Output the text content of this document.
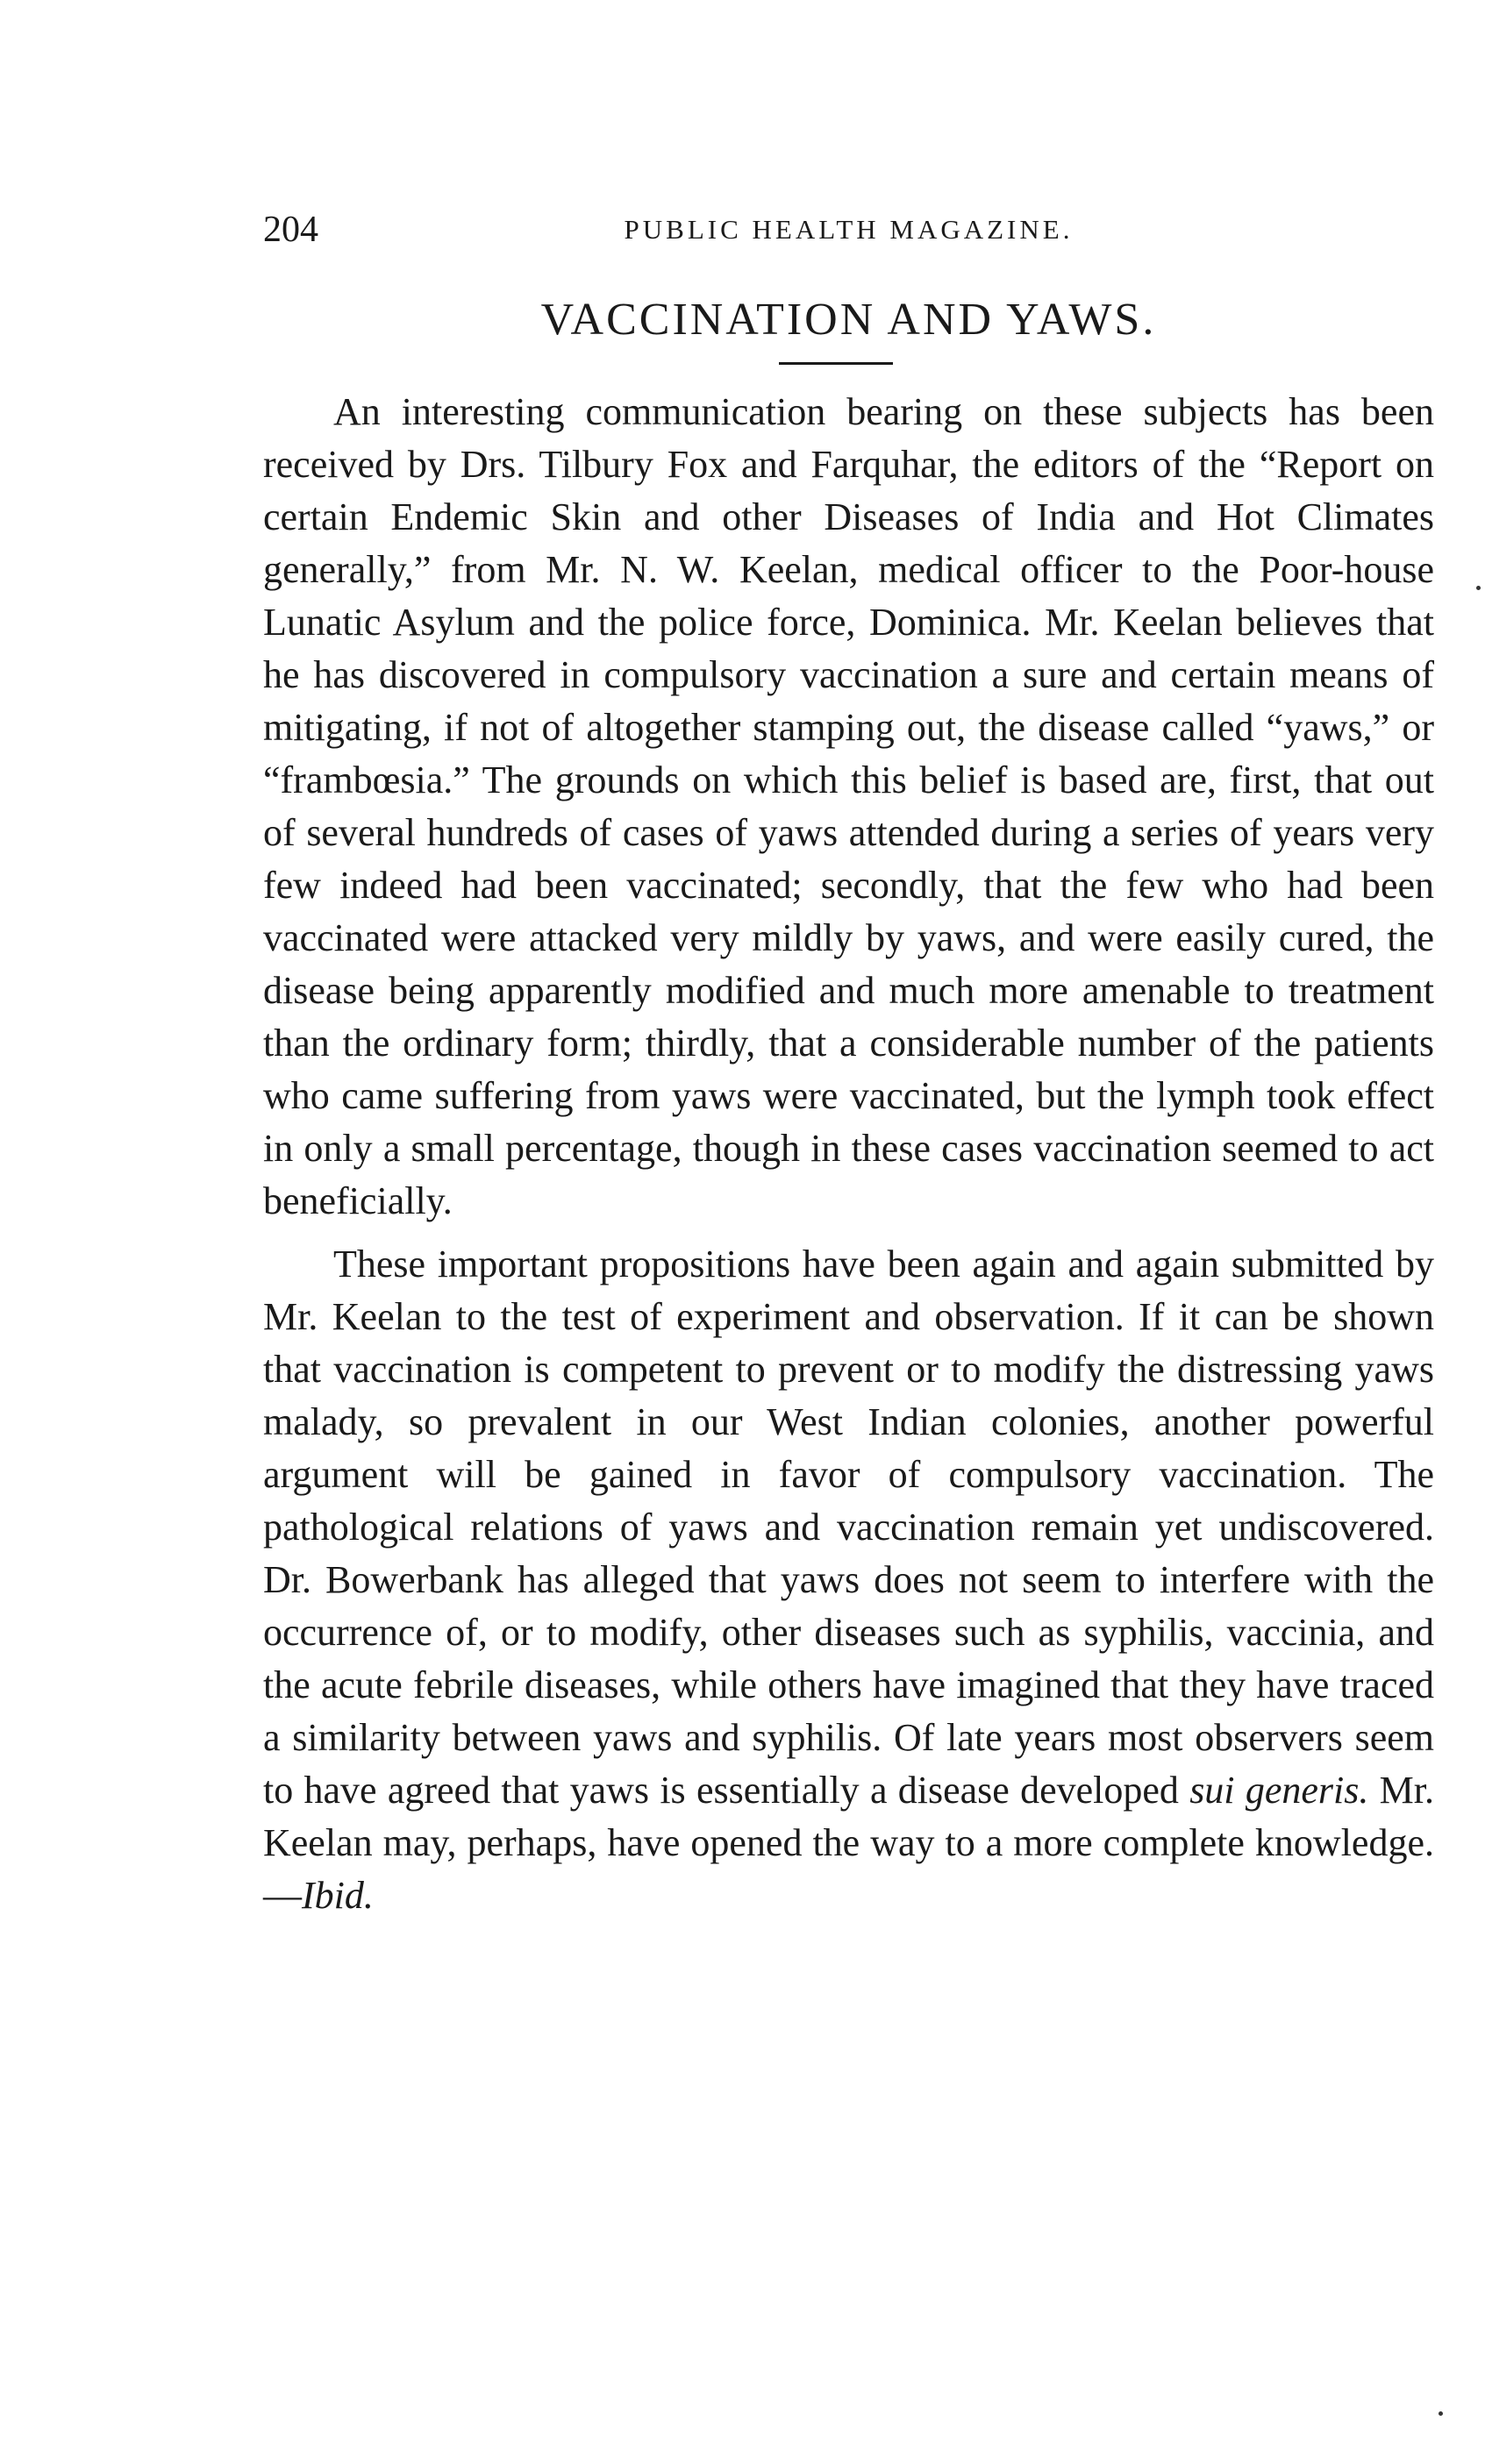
204	PUBLIC HEALTH MAGAZINE.
VACCINATION AND YAWS.

An interesting communication bearing on these subjects has been received by Drs. Tilbury Fox and Farquhar, the editors of the “Report on certain Endemic Skin and other Diseases of India and Hot Climates generally,” from Mr. N. W. Keelan, medical officer to the Poor-house Lunatic Asylum and the police force, Dominica. Mr. Keelan believes that he has discovered in compulsory vaccination a sure and certain means of mitigating, if not of altogether stamping out, the disease called “yaws,” or “frambœsia.” The grounds on which this belief is based are, first, that out of several hundreds of cases of yaws attended during a series of years very few indeed had been vaccinated; secondly, that the few who had been vaccinated were attacked very mildly by yaws, and were easily cured, the disease being apparently modified and much more amenable to treatment than the ordinary form; thirdly, that a considerable number of the patients who came suffering from yaws were vaccinated, but the lymph took effect in only a small percentage, though in these cases vaccination seemed to act beneficially.

These important propositions have been again and again submitted by Mr. Keelan to the test of experiment and observation. If it can be shown that vaccination is competent to prevent or to modify the distressing yaws malady, so prevalent in our West Indian colonies, another powerful argument will be gained in favor of compulsory vaccination. The pathological relations of yaws and vaccination remain yet undiscovered. Dr. Bowerbank has alleged that yaws does not seem to interfere with the occurrence of, or to modify, other diseases such as syphilis, vaccinia, and the acute febrile diseases, while others have imagined that they have traced a similarity between yaws and syphilis. Of late years most observers seem to have agreed that yaws is essentially a disease developed sui generis. Mr. Keelan may, perhaps, have opened the way to a more complete knowledge.—Ibid.
